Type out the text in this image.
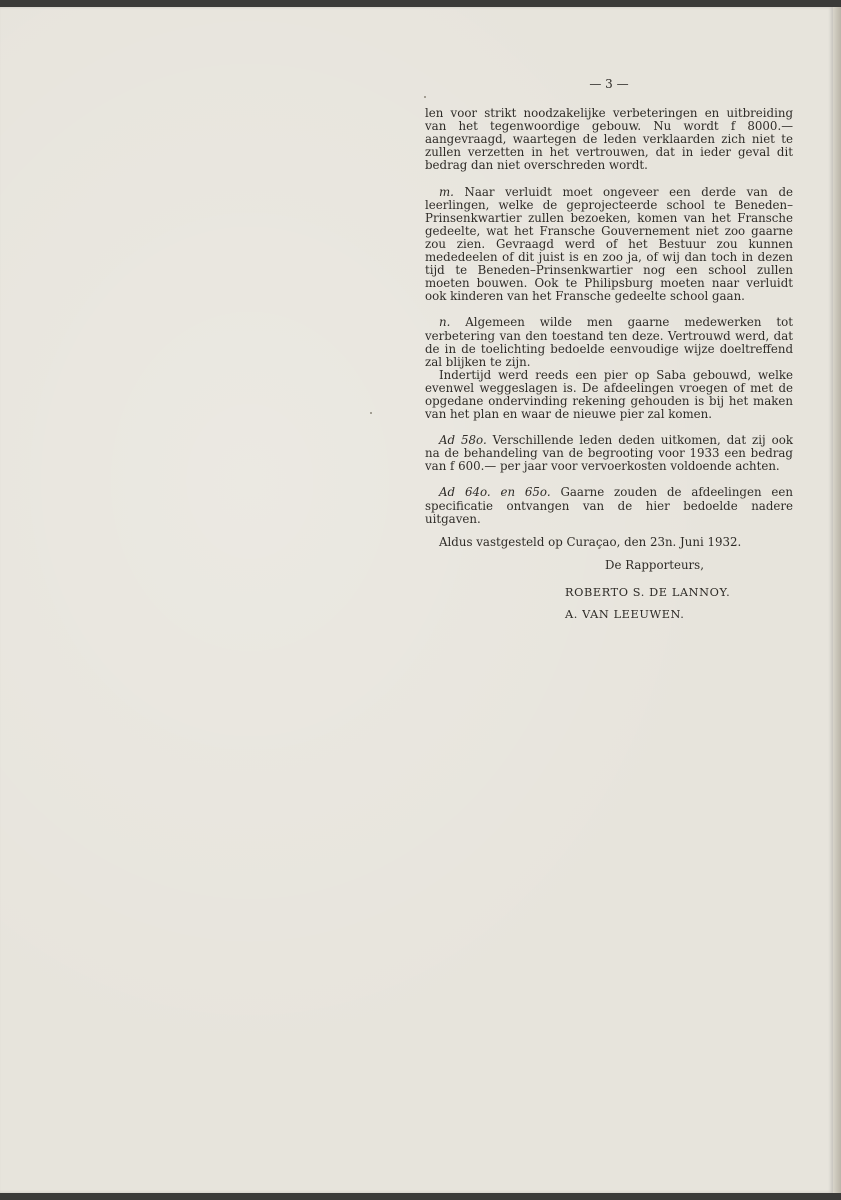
— 3 —

len voor strikt noodzakelijke verbeteringen en uitbreiding van het tegenwoordige gebouw. Nu wordt f 8000.— aangevraagd, waartegen de leden verklaarden zich niet te zullen verzetten in het vertrouwen, dat in ieder geval dit bedrag dan niet overschreden wordt.

m. Naar verluidt moet ongeveer een derde van de leerlingen, welke de geprojecteerde school te Beneden–Prinsenkwartier zullen bezoeken, komen van het Fransche gedeelte, wat het Fransche Gouvernement niet zoo gaarne zou zien. Gevraagd werd of het Bestuur zou kunnen mededeelen of dit juist is en zoo ja, of wij dan toch in dezen tijd te Beneden–Prinsenkwartier nog een school zullen moeten bouwen. Ook te Philipsburg moeten naar verluidt ook kinderen van het Fransche gedeelte school gaan.

n. Algemeen wilde men gaarne medewerken tot verbetering van den toestand ten deze. Vertrouwd werd, dat de in de toelichting bedoelde eenvoudige wijze doeltreffend zal blijken te zijn.

Indertijd werd reeds een pier op Saba gebouwd, welke evenwel weggeslagen is. De afdeelingen vroegen of met de opgedane ondervinding rekening gehouden is bij het maken van het plan en waar de nieuwe pier zal komen.

Ad 58o. Verschillende leden deden uitkomen, dat zij ook na de behandeling van de begrooting voor 1933 een bedrag van f 600.— per jaar voor vervoerkosten voldoende achten.

Ad 64o. en 65o. Gaarne zouden de afdeelingen een specificatie ontvangen van de hier bedoelde nadere uitgaven.

Aldus vastgesteld op Curaçao, den 23n. Juni 1932.

De Rapporteurs,

ROBERTO S. DE LANNOY.

A. VAN LEEUWEN.
